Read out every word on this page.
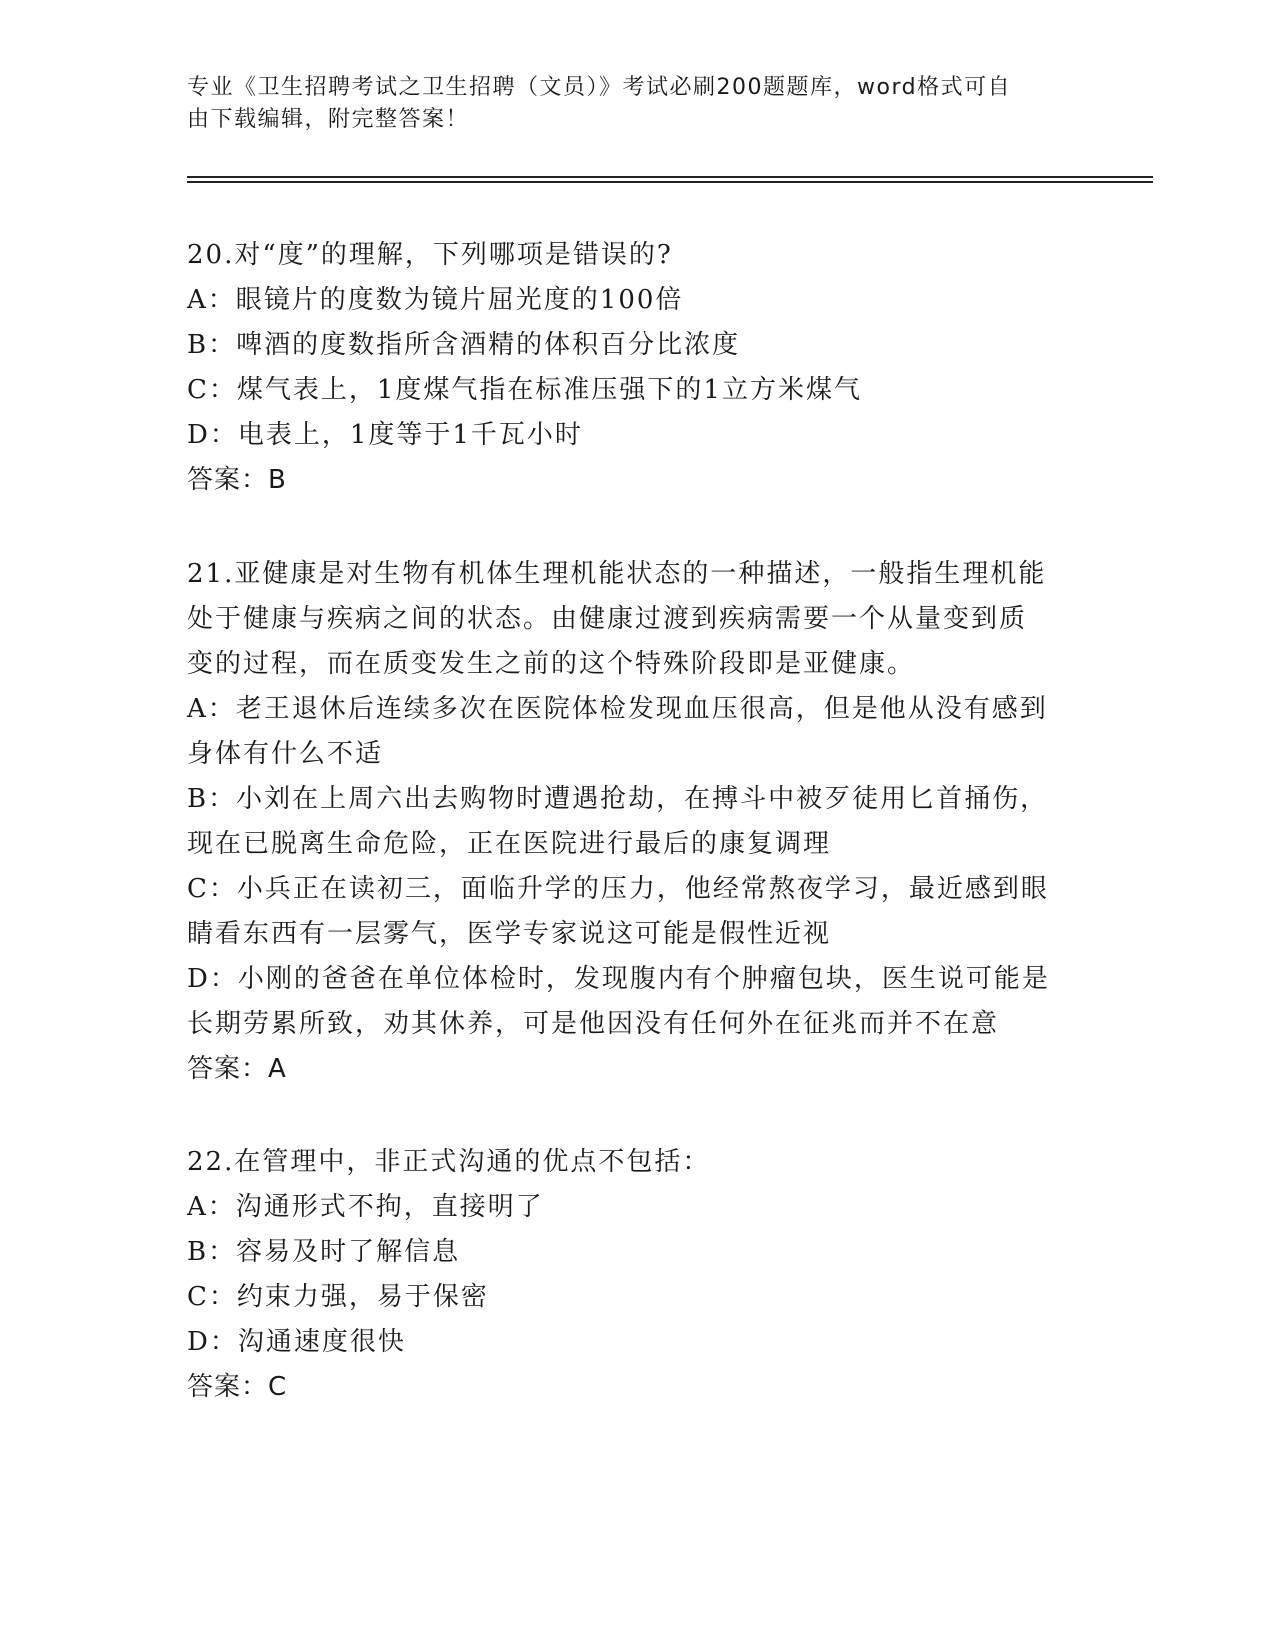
专业《卫生招聘考试之卫生招聘（文员）》考试必刷200题题库，word格式可自
由下载编辑，附完整答案！
20.对“度”的理解，下列哪项是错误的?
A：眼镜片的度数为镜片屈光度的100倍
B：啤酒的度数指所含酒精的体积百分比浓度
C：煤气表上，1度煤气指在标准压强下的1立方米煤气
D：电表上，1度等于1千瓦小时
答案：B
21.亚健康是对生物有机体生理机能状态的一种描述，一般指生理机能
处于健康与疾病之间的状态。由健康过渡到疾病需要一个从量变到质
变的过程，而在质变发生之前的这个特殊阶段即是亚健康。
A：老王退休后连续多次在医院体检发现血压很高，但是他从没有感到
身体有什么不适
B：小刘在上周六出去购物时遭遇抢劫，在搏斗中被歹徒用匕首捅伤，
现在已脱离生命危险，正在医院进行最后的康复调理
C：小兵正在读初三，面临升学的压力，他经常熬夜学习，最近感到眼
睛看东西有一层雾气，医学专家说这可能是假性近视
D：小刚的爸爸在单位体检时，发现腹内有个肿瘤包块，医生说可能是
长期劳累所致，劝其休养，可是他因没有任何外在征兆而并不在意
答案：A
22.在管理中，非正式沟通的优点不包括：
A：沟通形式不拘，直接明了
B：容易及时了解信息
C：约束力强，易于保密
D：沟通速度很快
答案：C
